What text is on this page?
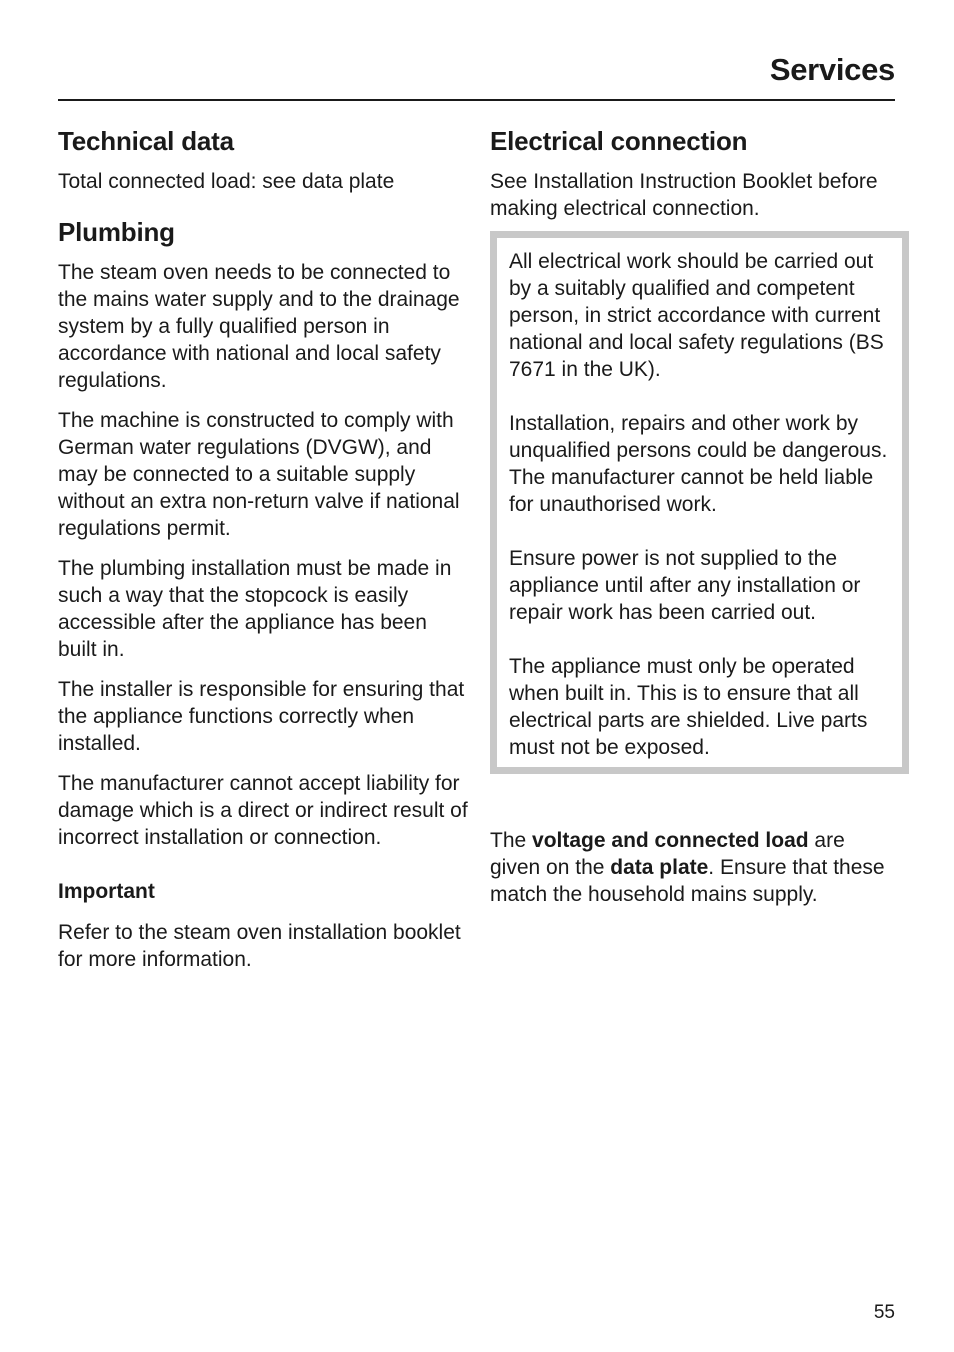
Services
Technical data

Total connected load: see data plate

Plumbing

The steam oven needs to be connected to the mains water supply and to the drainage system by a fully qualified person in accordance with national and local safety regulations.

The machine is constructed to comply with German water regulations (DVGW), and may be connected to a suitable supply without an extra non-return valve if national regulations permit.

The plumbing installation must be made in such a way that the stopcock is easily accessible after the appliance has been built in.

The installer is responsible for ensuring that the appliance functions correctly when installed.

The manufacturer cannot accept liability for damage which is a direct or indirect result of incorrect installation or connection.

Important

Refer to the steam oven installation booklet for more information.

Electrical connection

See Installation Instruction Booklet before making electrical connection.

All electrical work should be carried out by a suitably qualified and competent person, in strict accordance with current national and local safety regulations (BS 7671 in the UK).

Installation, repairs and other work by unqualified persons could be dangerous. The manufacturer cannot be held liable for unauthorised work.

Ensure power is not supplied to the appliance until after any installation or repair work has been carried out.

The appliance must only be operated when built in. This is to ensure that all electrical parts are shielded. Live parts must not be exposed.

The voltage and connected load are given on the data plate. Ensure that these match the household mains supply.

55
